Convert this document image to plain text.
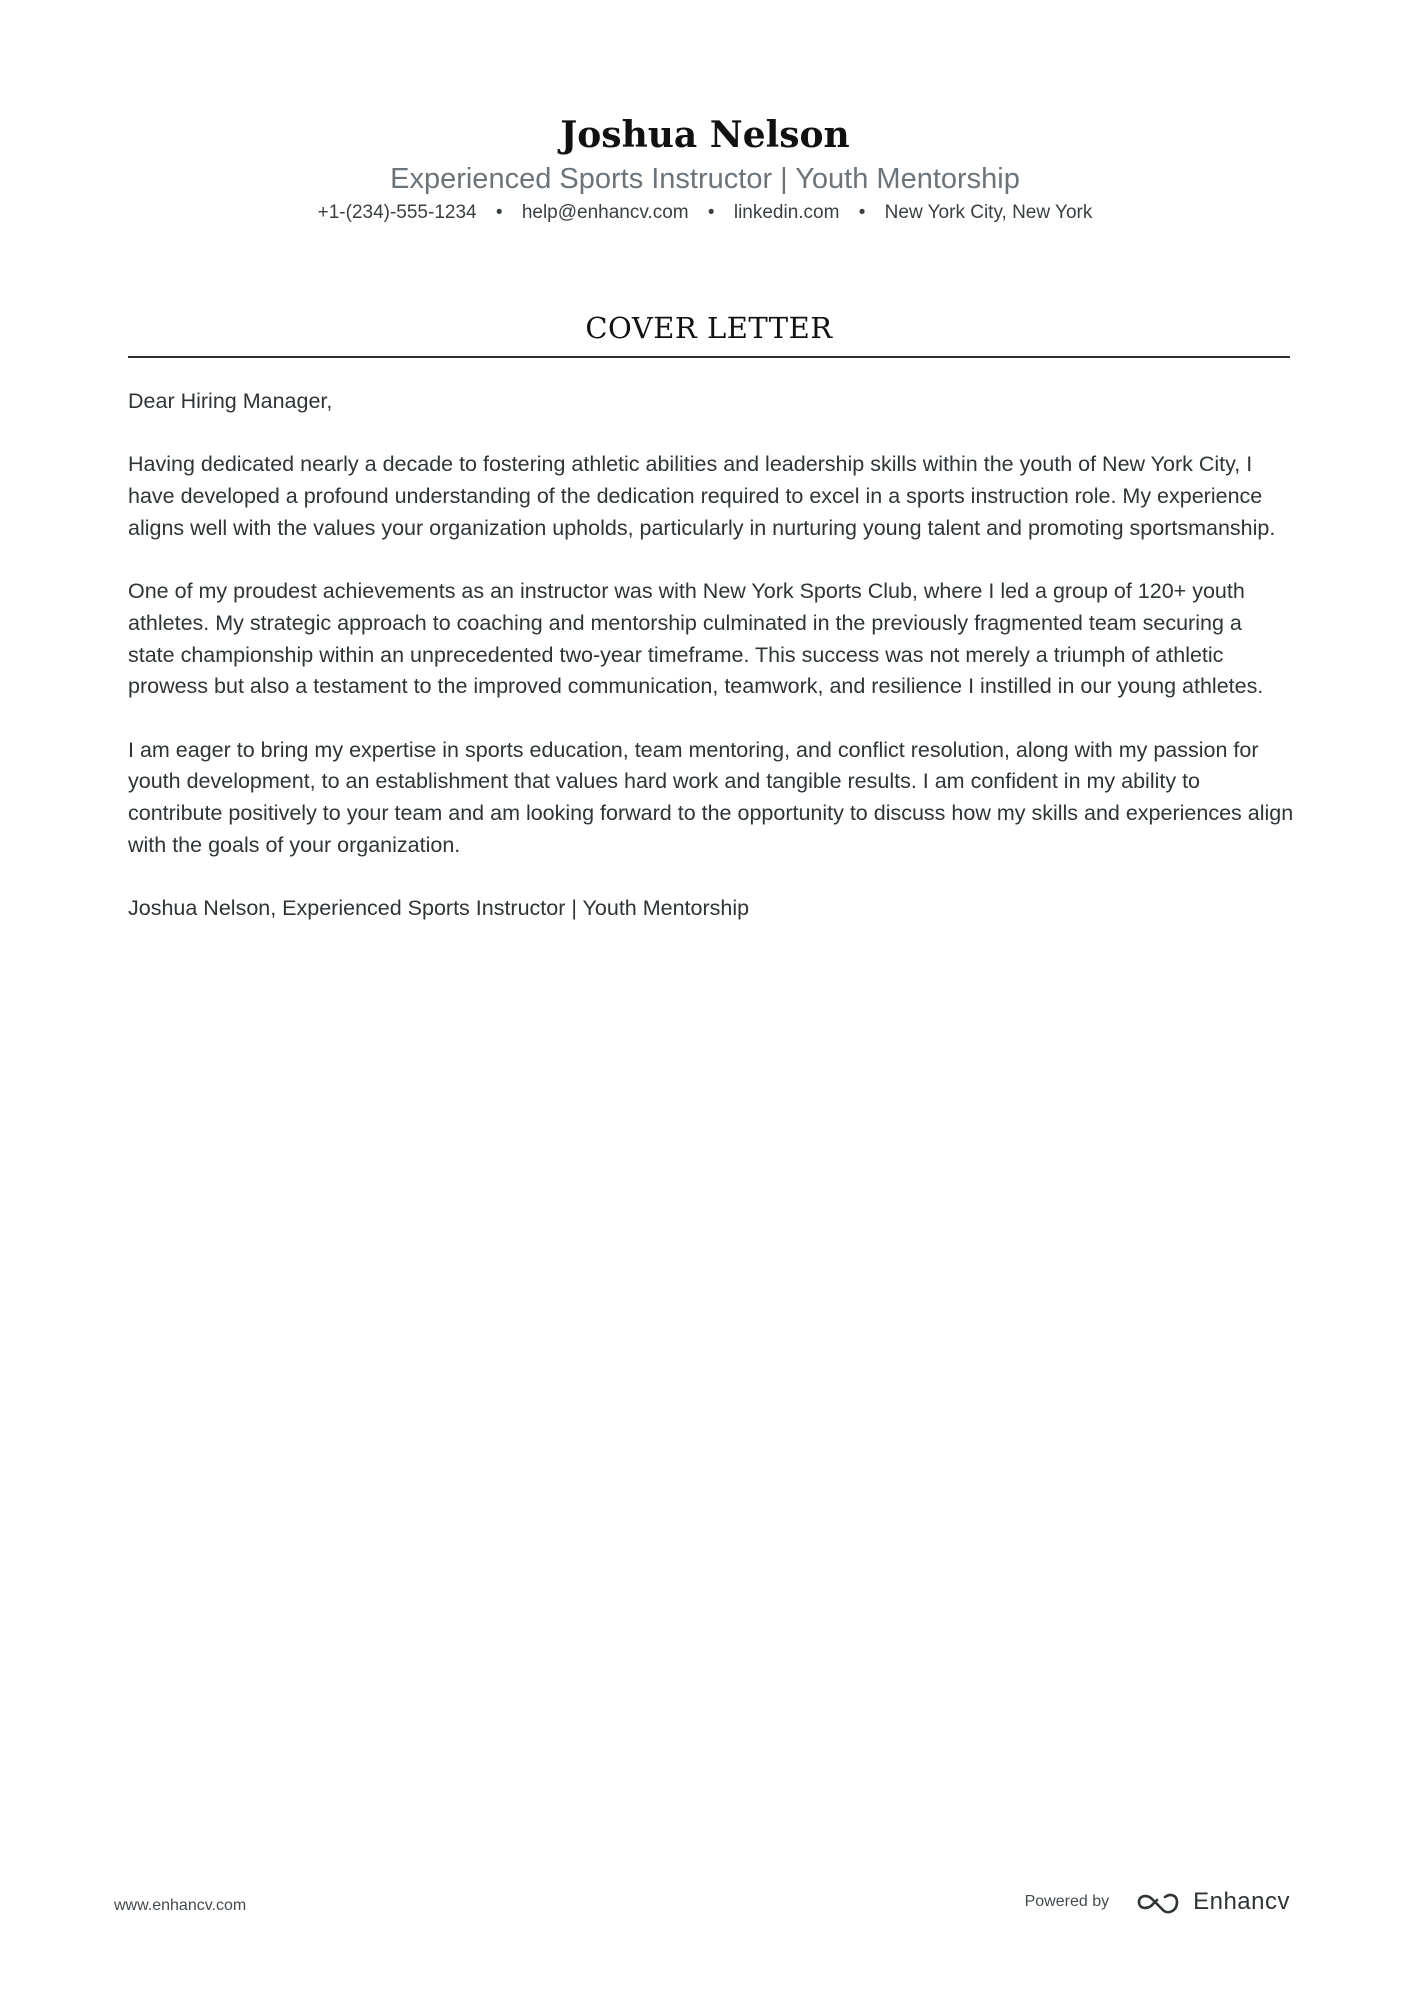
Joshua Nelson
Experienced Sports Instructor | Youth Mentorship
+1-(234)-555-1234 • help@enhancv.com • linkedin.com • New York City, New York
COVER LETTER

Dear Hiring Manager,

Having dedicated nearly a decade to fostering athletic abilities and leadership skills within the youth of New York City, I have developed a profound understanding of the dedication required to excel in a sports instruction role. My experience aligns well with the values your organization upholds, particularly in nurturing young talent and promoting sportsmanship.

One of my proudest achievements as an instructor was with New York Sports Club, where I led a group of 120+ youth athletes. My strategic approach to coaching and mentorship culminated in the previously fragmented team securing a state championship within an unprecedented two-year timeframe. This success was not merely a triumph of athletic prowess but also a testament to the improved communication, teamwork, and resilience I instilled in our young athletes.

I am eager to bring my expertise in sports education, team mentoring, and conflict resolution, along with my passion for youth development, to an establishment that values hard work and tangible results. I am confident in my ability to contribute positively to your team and am looking forward to the opportunity to discuss how my skills and experiences align with the goals of your organization.

Joshua Nelson, Experienced Sports Instructor | Youth Mentorship

www.enhancv.com	Powered by	Enhancv
